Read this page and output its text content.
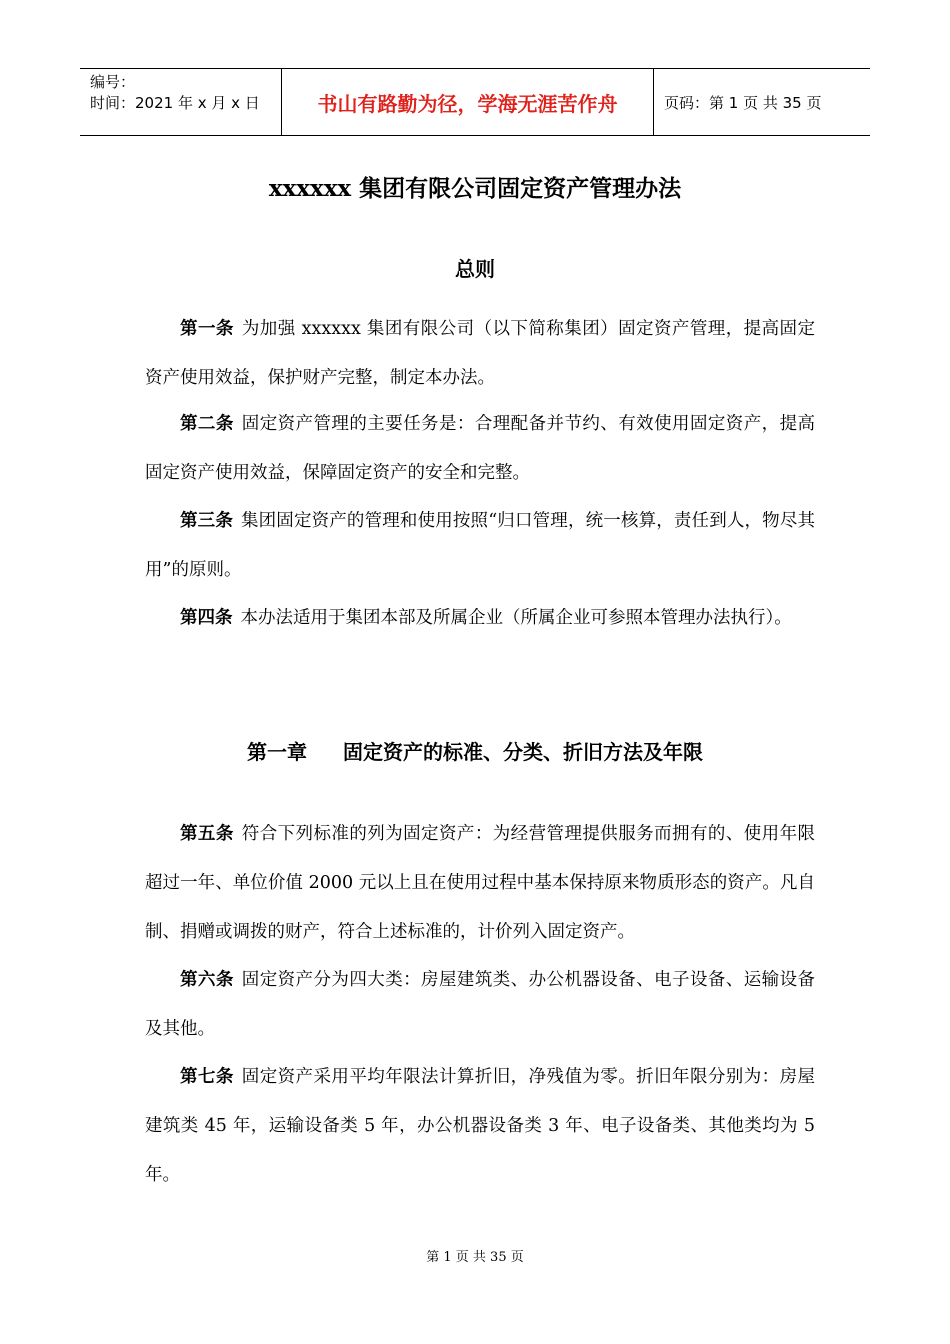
编号：
时间：2021 年 x 月 x 日	书山有路勤为径，学海无涯苦作舟	页码：第 1 页 共 35 页
xxxxxx 集团有限公司固定资产管理办法
总则
第一条 为加强 xxxxxx 集团有限公司（以下简称集团）固定资产管理，提高固定资产使用效益，保护财产完整，制定本办法。
第二条 固定资产管理的主要任务是：合理配备并节约、有效使用固定资产，提高固定资产使用效益，保障固定资产的安全和完整。
第三条 集团固定资产的管理和使用按照“归口管理，统一核算，责任到人，物尽其用”的原则。
第四条 本办法适用于集团本部及所属企业（所属企业可参照本管理办法执行）。
第一章 固定资产的标准、分类、折旧方法及年限
第五条 符合下列标准的列为固定资产：为经营管理提供服务而拥有的、使用年限超过一年、单位价值 2000 元以上且在使用过程中基本保持原来物质形态的资产。凡自制、捐赠或调拨的财产，符合上述标准的，计价列入固定资产。
第六条 固定资产分为四大类：房屋建筑类、办公机器设备、电子设备、运输设备及其他。
第七条 固定资产采用平均年限法计算折旧，净残值为零。折旧年限分别为：房屋建筑类 45 年，运输设备类 5 年，办公机器设备类 3 年、电子设备类、其他类均为 5 年。
第 1 页 共 35 页
